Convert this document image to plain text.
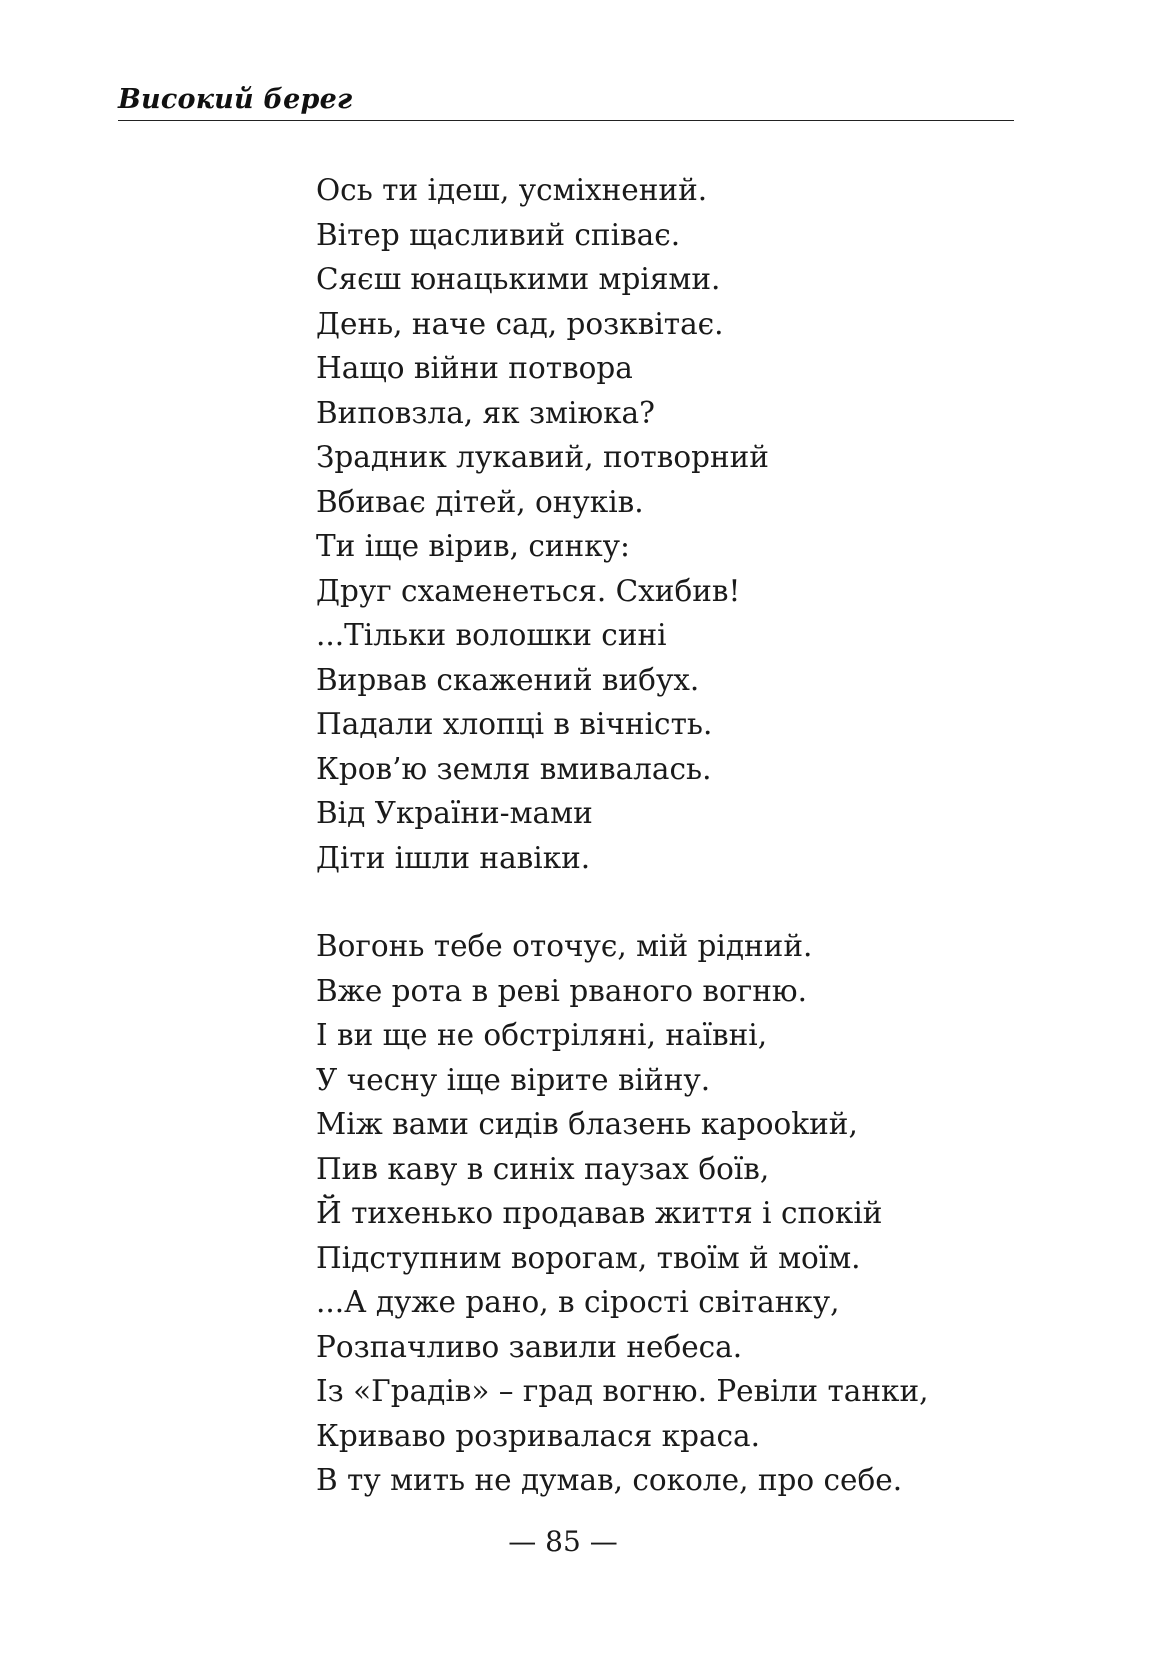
Високий берег
Ось ти ідеш, усміхнений.
Вітер щасливий співає.
Сяєш юнацькими мріями.
День, наче сад, розквітає.
Нащо війни потвора
Виповзла, як зміюка?
Зрадник лукавий, потворний
Вбиває дітей, онуків.
Ти іще вірив, синку:
Друг схаменеться. Схибив!
...Тільки волошки сині
Вирвав скажений вибух.
Падали хлопці в вічність.
Кров’ю земля вмивалась.
Від України-мами
Діти ішли навіки.
Вогонь тебе оточує, мій рідний.
Вже рота в реві рваного вогню.
І ви ще не обстріляні, наївні,
У чесну іще вірите війну.
Між вами сидів блазень карookий,
Пив каву в синіх паузах боїв,
Й тихенько продавав життя і спокій
Підступним ворогам, твоїм й моїм.
...А дуже рано, в сірості світанку,
Розпачливо завили небеса.
Із «Градів» – град вогню. Ревіли танки,
Криваво розривалася краса.
В ту мить не думав, соколе, про себе.
— 85 —
